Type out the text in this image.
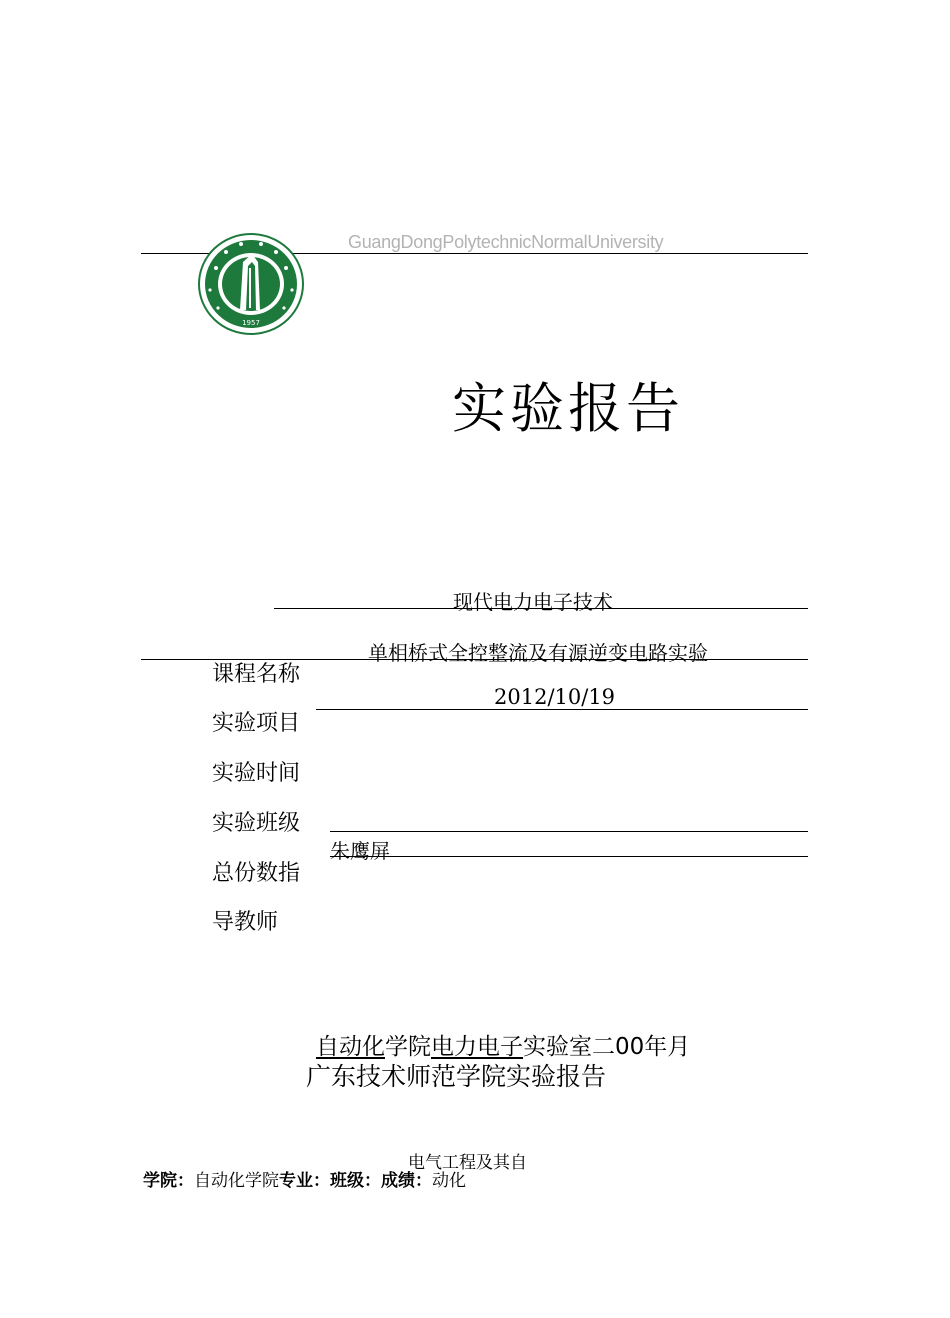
1957
GuangDongPolytechnicNormalUniversity
实验报告
现代电力电子技术
单相桥式全控整流及有源逆变电路实验
2012/10/19
朱鹰屏
课程名称
实验项目
实验时间
实验班级
总份数指
导教师
自动化学院电力电子实验室二00年月
广东技术师范学院实验报告
电气工程及其自
学院：自动化学院专业：班级：成绩：动化
